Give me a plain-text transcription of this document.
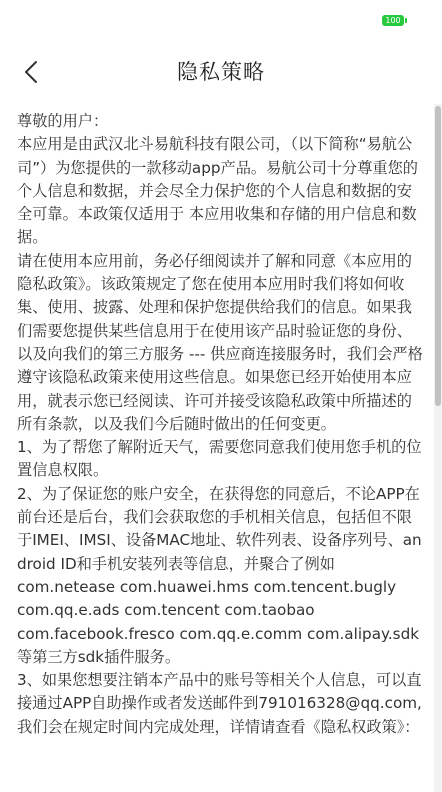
100
隐私策略

尊敬的用户：

本应用是由武汉北斗易航科技有限公司，（以下简称“易航公司”）为您提供的一款移动app产品。易航公司十分尊重您的个人信息和数据，并会尽全力保护您的个人信息和数据的安全可靠。本政策仅适用于 本应用收集和存储的用户信息和数据。

请在使用本应用前，务必仔细阅读并了解和同意《本应用的隐私政策》。该政策规定了您在使用本应用时我们将如何收集、使用、披露、处理和保护您提供给我们的信息。如果我们需要您提供某些信息用于在使用该产品时验证您的身份、以及向我们的第三方服务 --- 供应商连接服务时，我们会严格遵守该隐私政策来使用这些信息。如果您已经开始使用本应用，就表示您已经阅读、许可并接受该隐私政策中所描述的所有条款，以及我们今后随时做出的任何变更。

1、为了帮您了解附近天气，需要您同意我们使用您手机的位置信息权限。

2、为了保证您的账户安全，在获得您的同意后，不论APP在前台还是后台，我们会获取您的手机相关信息，包括但不限于IMEI、IMSI、设备MAC地址、软件列表、设备序列号、android ID和手机安装列表等信息，并聚合了例如
com.netease com.huawei.hms com.tencent.bugly
com.qq.e.ads com.tencent com.taobao
com.facebook.fresco com.qq.e.comm com.alipay.sdk等第三方sdk插件服务。

3、如果您想要注销本产品中的账号等相关个人信息，可以直接通过APP自助操作或者发送邮件到791016328@qq.com,我们会在规定时间内完成处理，详情请查看《隐私权政策》：
